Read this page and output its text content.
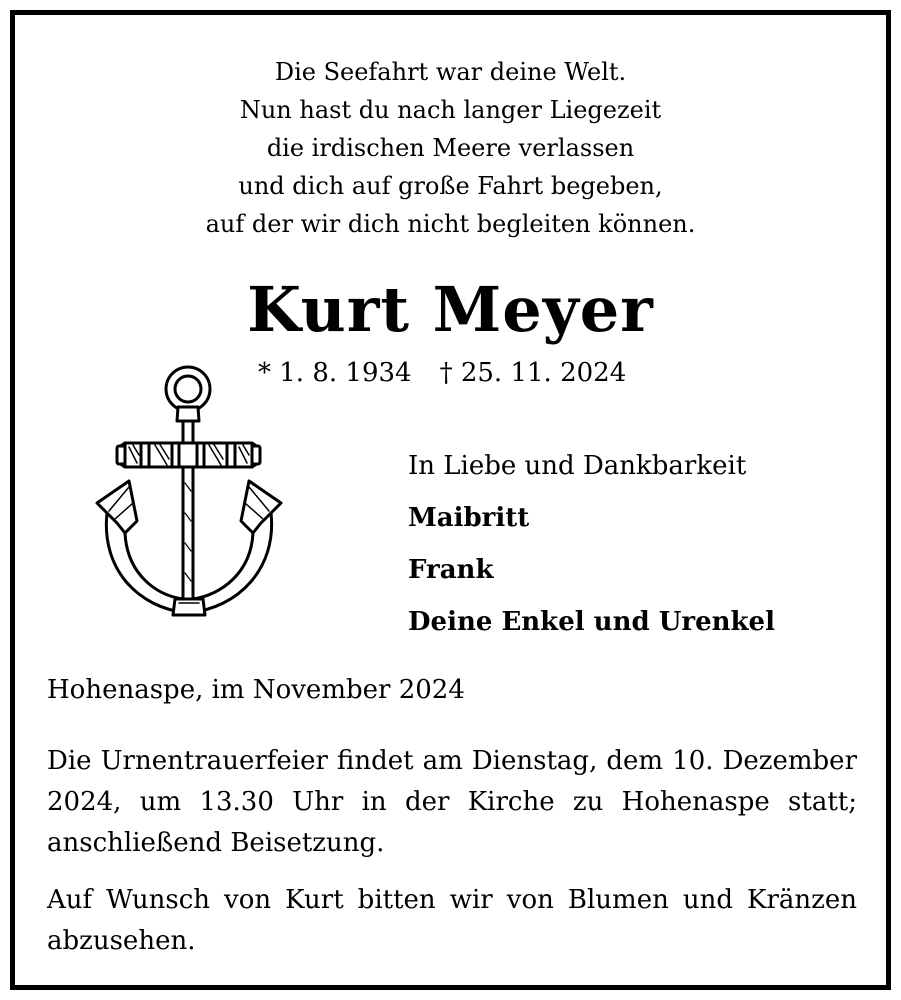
Die Seefahrt war deine Welt.
Nun hast du nach langer Liegezeit
die irdischen Meere verlassen
und dich auf große Fahrt begeben,
auf der wir dich nicht begleiten können.
Kurt Meyer
* 1. 8. 1934 † 25. 11. 2024
In Liebe und Dankbarkeit
Maibritt
Frank
Deine Enkel und Urenkel
Hohenaspe, im November 2024
Die Urnentrauerfeier findet am Dienstag, dem 10. Dezember 2024, um 13.30 Uhr in der Kirche zu Hohenaspe statt; anschließend Beisetzung.
Auf Wunsch von Kurt bitten wir von Blumen und Kränzen abzusehen.
